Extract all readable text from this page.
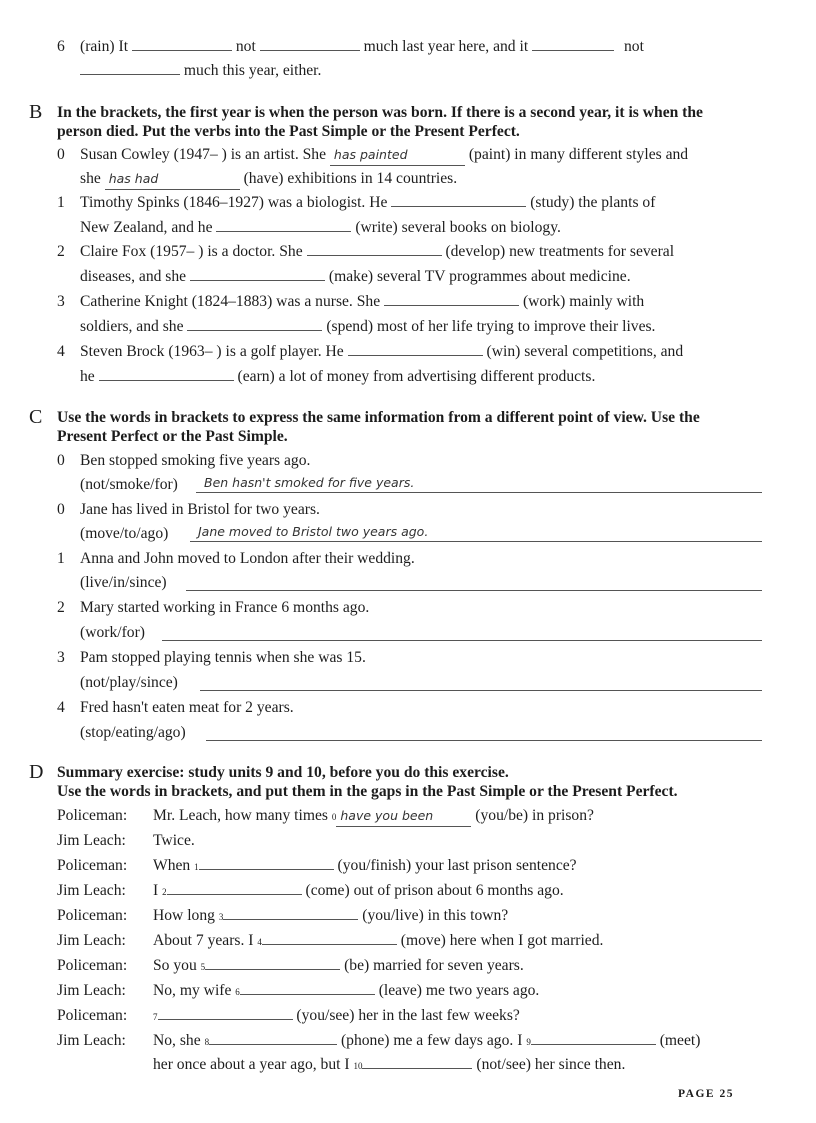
6 (rain) It	not	much last year here, and it	not
much this year, either.
B In the brackets, the first year is when the person was born. If there is a second year, it is when the
person died. Put the verbs into the Past Simple or the Present Perfect.
0 Susan Cowley (1947– ) is an artist. She has painted	(paint) in many different styles and
she has had	(have) exhibitions in 14 countries.
1 Timothy Spinks (1846–1927) was a biologist. He	(study) the plants of
New Zealand, and he	(write) several books on biology.
2 Claire Fox (1957– ) is a doctor. She	(develop) new treatments for several
diseases, and she	(make) several TV programmes about medicine.
3 Catherine Knight (1824–1883) was a nurse. She	(work) mainly with
soldiers, and she	(spend) most of her life trying to improve their lives.
4 Steven Brock (1963– ) is a golf player. He	(win) several competitions, and
he	(earn) a lot of money from advertising different products.
C Use the words in brackets to express the same information from a different point of view. Use the
Present Perfect or the Past Simple.
0 Ben stopped smoking five years ago.
(not/smoke/for) Ben hasn't smoked for five years.
0 Jane has lived in Bristol for two years.
(move/to/ago) Jane moved to Bristol two years ago.
1 Anna and John moved to London after their wedding.
(live/in/since)
2 Mary started working in France 6 months ago.
(work/for)
3 Pam stopped playing tennis when she was 15.
(not/play/since)
4 Fred hasn't eaten meat for 2 years.
(stop/eating/ago)
D Summary exercise: study units 9 and 10, before you do this exercise.
Use the words in brackets, and put them in the gaps in the Past Simple or the Present Perfect.
Policeman: Mr. Leach, how many times $^0$ have you been	(you/be) in prison?
Jim Leach: Twice.
Policeman: When $^1$	(you/finish) your last prison sentence?
Jim Leach: I $^2$	(come) out of prison about 6 months ago.
Policeman: How long $^3$	(you/live) in this town?
Jim Leach: About 7 years. I $^4$	(move) here when I got married.
Policeman: So you $^5$	(be) married for seven years.
Jim Leach: No, my wife $^6$	(leave) me two years ago.
Policeman:	$^7$	(you/see) her in the last few weeks?
Jim Leach: No, she $^8$	(phone) me a few days ago. I $^9$	(meet)
her once about a year ago, but I $^{10}$	(not/see) her since then.
PAGE 25
